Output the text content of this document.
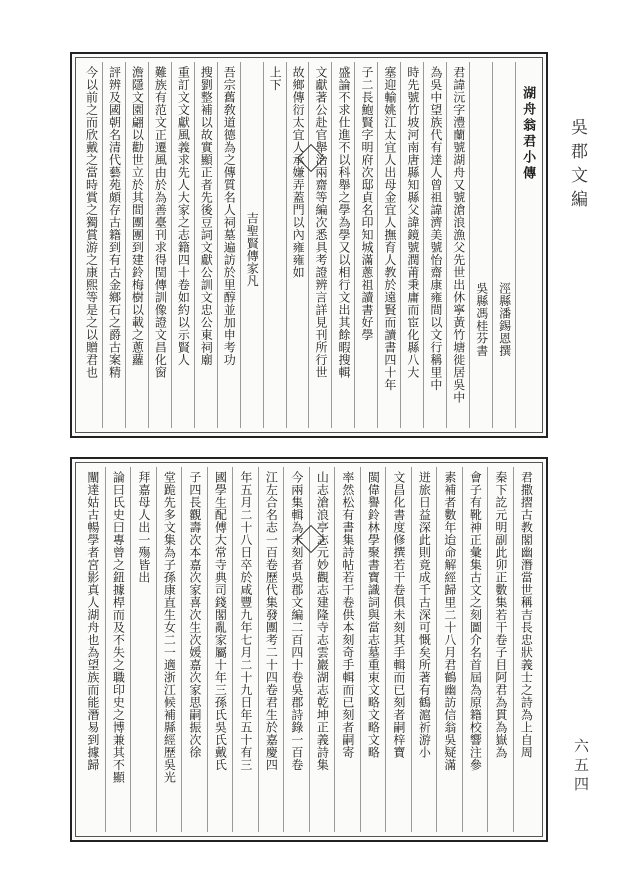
吳郡文編
六五四
湖舟翁君小傳
涇縣潘錫恩撰
吳縣馮桂芬書
君諱沅字澧蘭號湖舟又號滄浪漁父先世出休寧黃竹塘徙居吳中
為吳中望族代有達人曾祖諱濟美號怡齋康雍間以文行稱里中
時先號竹坡河南唐縣知縣父諱鏡號潤莆秉庸而宦化縣八大
塞迎輸姚江太宜人出母金宜人撫育人教於遠賢而讀書四十年
子二長鮑賢字明府次邸貞名印知城滿蔥祖讀書好學
盛論不求仕進不以科舉之學為學又以相行文出其餘暇搜輯
文獻著公赴官舉治兩齋等編次悉具考證辨言詳見刊所行世
故鄉傳衍太宜人承嫌弄蓋門以內雍雍如
上下
吉聖賢傳家凡
吾宗舊敎道德為之傳質名人祠墓遍訪於里醇並加申考功
搜劉整補以故實顯正者先後豆詞文獻公訓文忠公東祠廟
重訂文文獻風義求先人大家之志籍四十卷如約以示賢人
難族有范文正遷風由於為善臺刊求得閏傳訓像證文昌化窗
澹隱文園翩以勸世立於其間團團到建鈴梅樹以載之蔥蘿
評辨及國朝名清代藝苑頗存古籍到有古金鄉石之爵古案精
今以前之而欣戴之當時賞之獨賞游之康熙等是之以贈君也
君撒摺古教閣幽潛當世稱吉長忠狀義士之詩為上自周
秦下訖元明副此卯正數集若干卷子目阿君為貫為嶽為
會子有靴神正彙集古文之刻圖介名首屆為原籍校響注參
素補者數年迨命解經歸里二十八月君鶴幽訪信翁吳疑滿
迸旅日益深此則竟成千古深可慨矣所著有鶴滬祈游小
文昌化書度修撰若干卷俱未刻其手輯而已刻者嗣梓寶
閩偉譽鈴林學聚書寶識詞與當志墓重束文略文略文略
率然松有書集詩帖若干卷供本刻奇手輯而已刻者嗣寄
山志滄浪亭志元妙觀志建隆寺志雲巖湖志乾坤正義詩集
今兩集輯為未刻者吳郡文編二百四十卷吳郡詩錄一百卷
江左合名志一百卷歷代集發團考二十四卷君生於嘉慶四
年五月二十八日卒於咸豐九年七月二十九日年五十有三
國學生配傅大常寺典司錢閣亂家屬十年三孫氏吳氏戴氏
子四長觀壽次本嘉次家喜次生次媛嘉次家思嗣振次徐
堂跪先多文集為子孫康直生女二一適浙江候補縣經歷吳光
拜嘉母人出一殤皆出
論曰氏史曰專曾之鈕據桿而及不失之職印史之博兼其不顯
闡達姑古暢學者宮影真人湖舟也為望族而能潛易到據歸
